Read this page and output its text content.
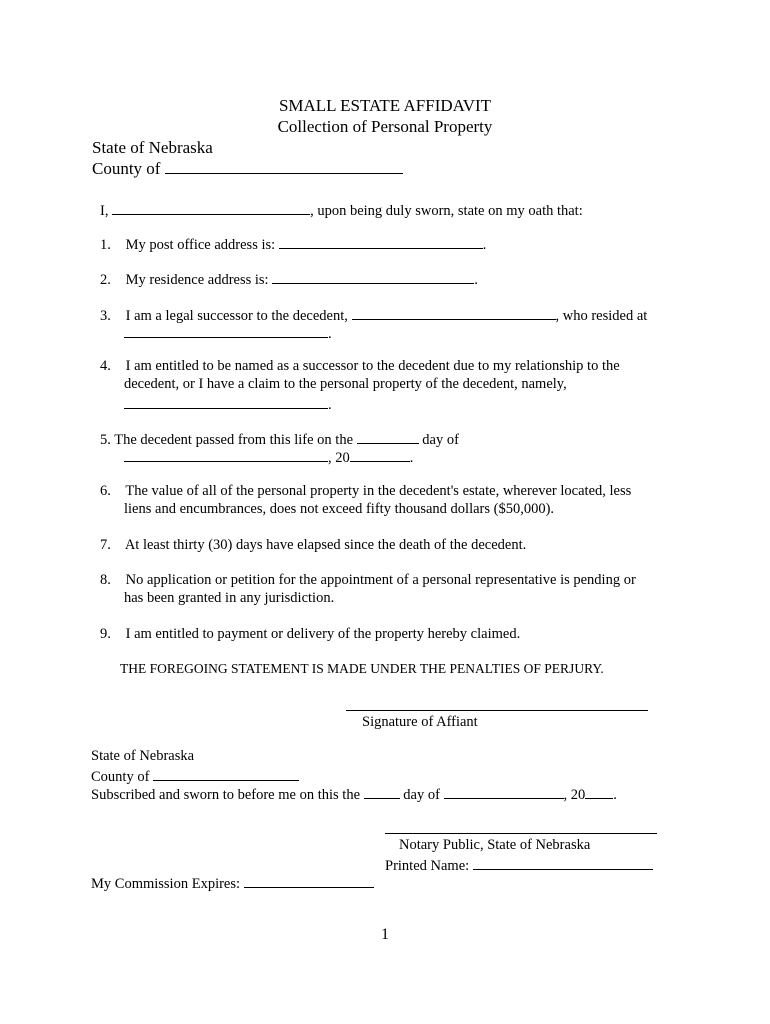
SMALL ESTATE AFFIDAVIT
Collection of Personal Property
State of Nebraska
County of
I,	, upon being duly sworn, state on my oath that:
1. My post office address is:	.
2. My residence address is:	.
3. I am a legal successor to the decedent,	, who resided at
.
4. I am entitled to be named as a successor to the decedent due to my relationship to the
decedent, or I have a claim to the personal property of the decedent, namely,
.
5. The decedent passed from this life on the	day of
, 20	.
6. The value of all of the personal property in the decedent's estate, wherever located, less
liens and encumbrances, does not exceed fifty thousand dollars ($50,000).
7. At least thirty (30) days have elapsed since the death of the decedent.
8. No application or petition for the appointment of a personal representative is pending or
has been granted in any jurisdiction.
9. I am entitled to payment or delivery of the property hereby claimed.
THE FOREGOING STATEMENT IS MADE UNDER THE PENALTIES OF PERJURY.
Signature of Affiant
State of Nebraska
County of
Subscribed and sworn to before me on this the	day of	, 20 .
Notary Public, State of Nebraska
Printed Name:
My Commission Expires:
1
